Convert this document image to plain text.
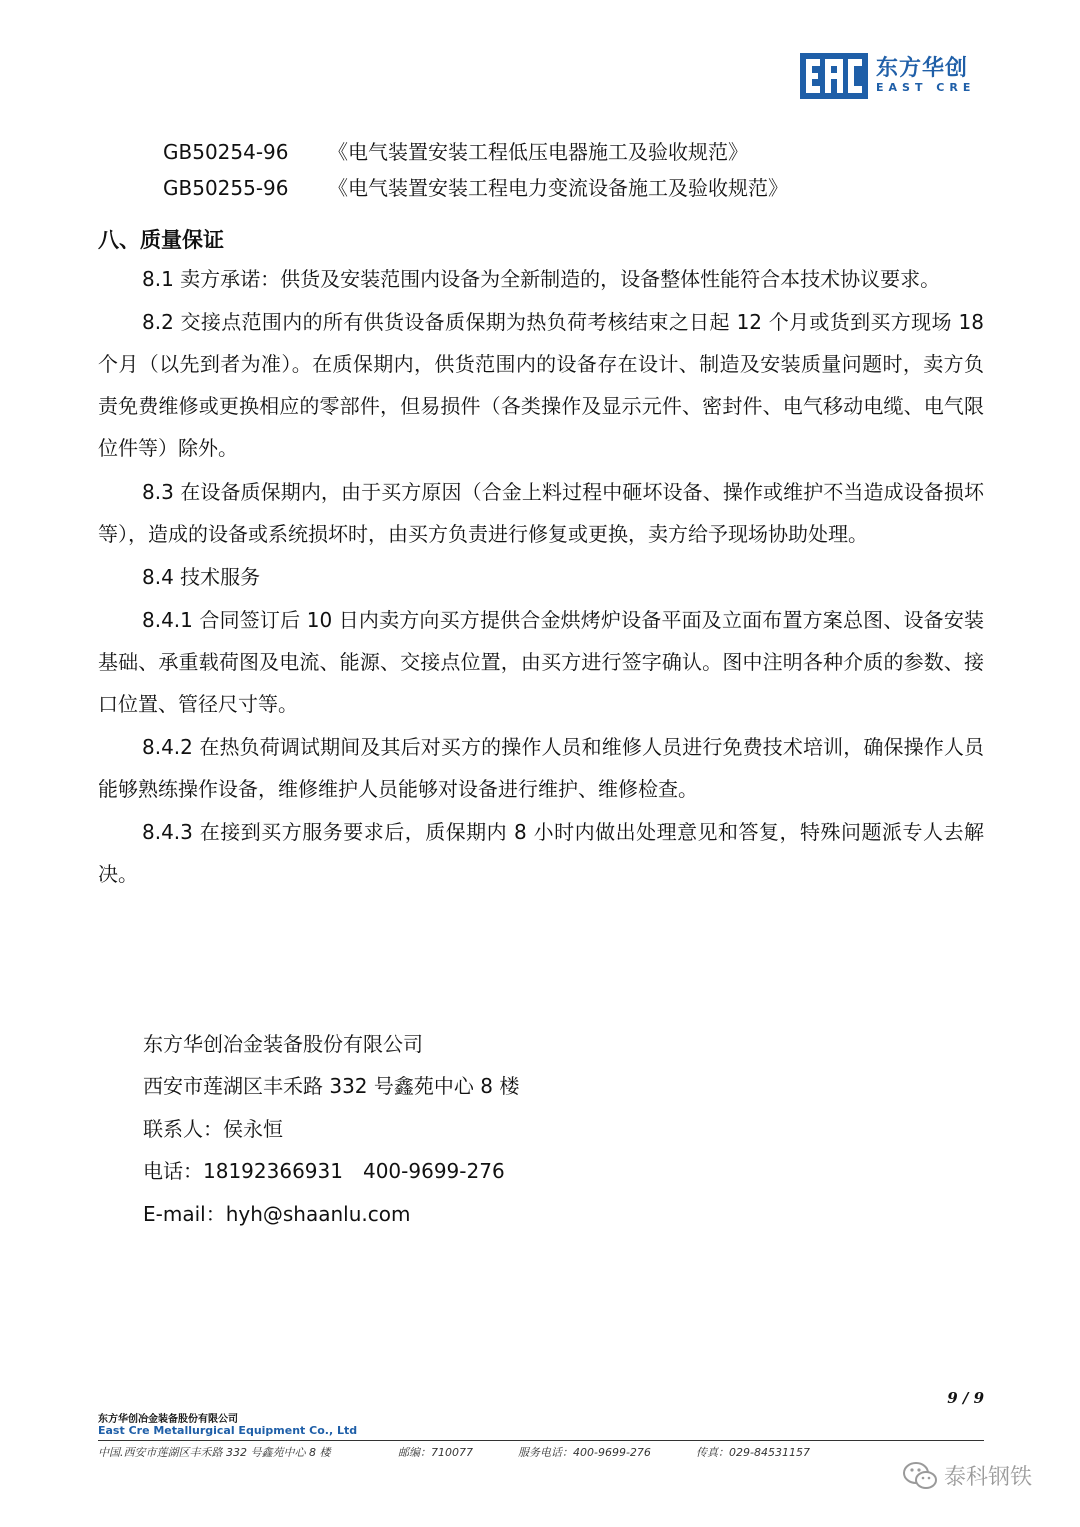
东方华创
EAST CRE
GB50254-96 《电气装置安装工程低压电器施工及验收规范》
GB50255-96 《电气装置安装工程电力变流设备施工及验收规范》
八、质量保证

8.1 卖方承诺：供货及安装范围内设备为全新制造的，设备整体性能符合本技术协议要求。

8.2 交接点范围内的所有供货设备质保期为热负荷考核结束之日起 12 个月或货到买方现场 18 个月（以先到者为准）。在质保期内，供货范围内的设备存在设计、制造及安装质量问题时，卖方负责免费维修或更换相应的零部件，但易损件（各类操作及显示元件、密封件、电气移动电缆、电气限位件等）除外。

8.3 在设备质保期内，由于买方原因（合金上料过程中砸坏设备、操作或维护不当造成设备损坏等），造成的设备或系统损坏时，由买方负责进行修复或更换，卖方给予现场协助处理。

8.4 技术服务

8.4.1 合同签订后 10 日内卖方向买方提供合金烘烤炉设备平面及立面布置方案总图、设备安装基础、承重载荷图及电流、能源、交接点位置，由买方进行签字确认。图中注明各种介质的参数、接口位置、管径尺寸等。

8.4.2 在热负荷调试期间及其后对买方的操作人员和维修人员进行免费技术培训，确保操作人员能够熟练操作设备，维修维护人员能够对设备进行维护、维修检查。

8.4.3 在接到买方服务要求后，质保期内 8 小时内做出处理意见和答复，特殊问题派专人去解决。

东方华创冶金装备股份有限公司
西安市莲湖区丰禾路 332 号鑫苑中心 8 楼
联系人：侯永恒
电话：18192366931 400-9699-276
E-mail：hyh@shaanlu.com
9 / 9
东方华创冶金装备股份有限公司
East Cre Metallurgical Equipment Co., Ltd
中国.西安市莲湖区丰禾路 332 号鑫苑中心 8 楼	邮编：710077	服务电话：400-9699-276	传真：029-84531157
泰科钢铁
